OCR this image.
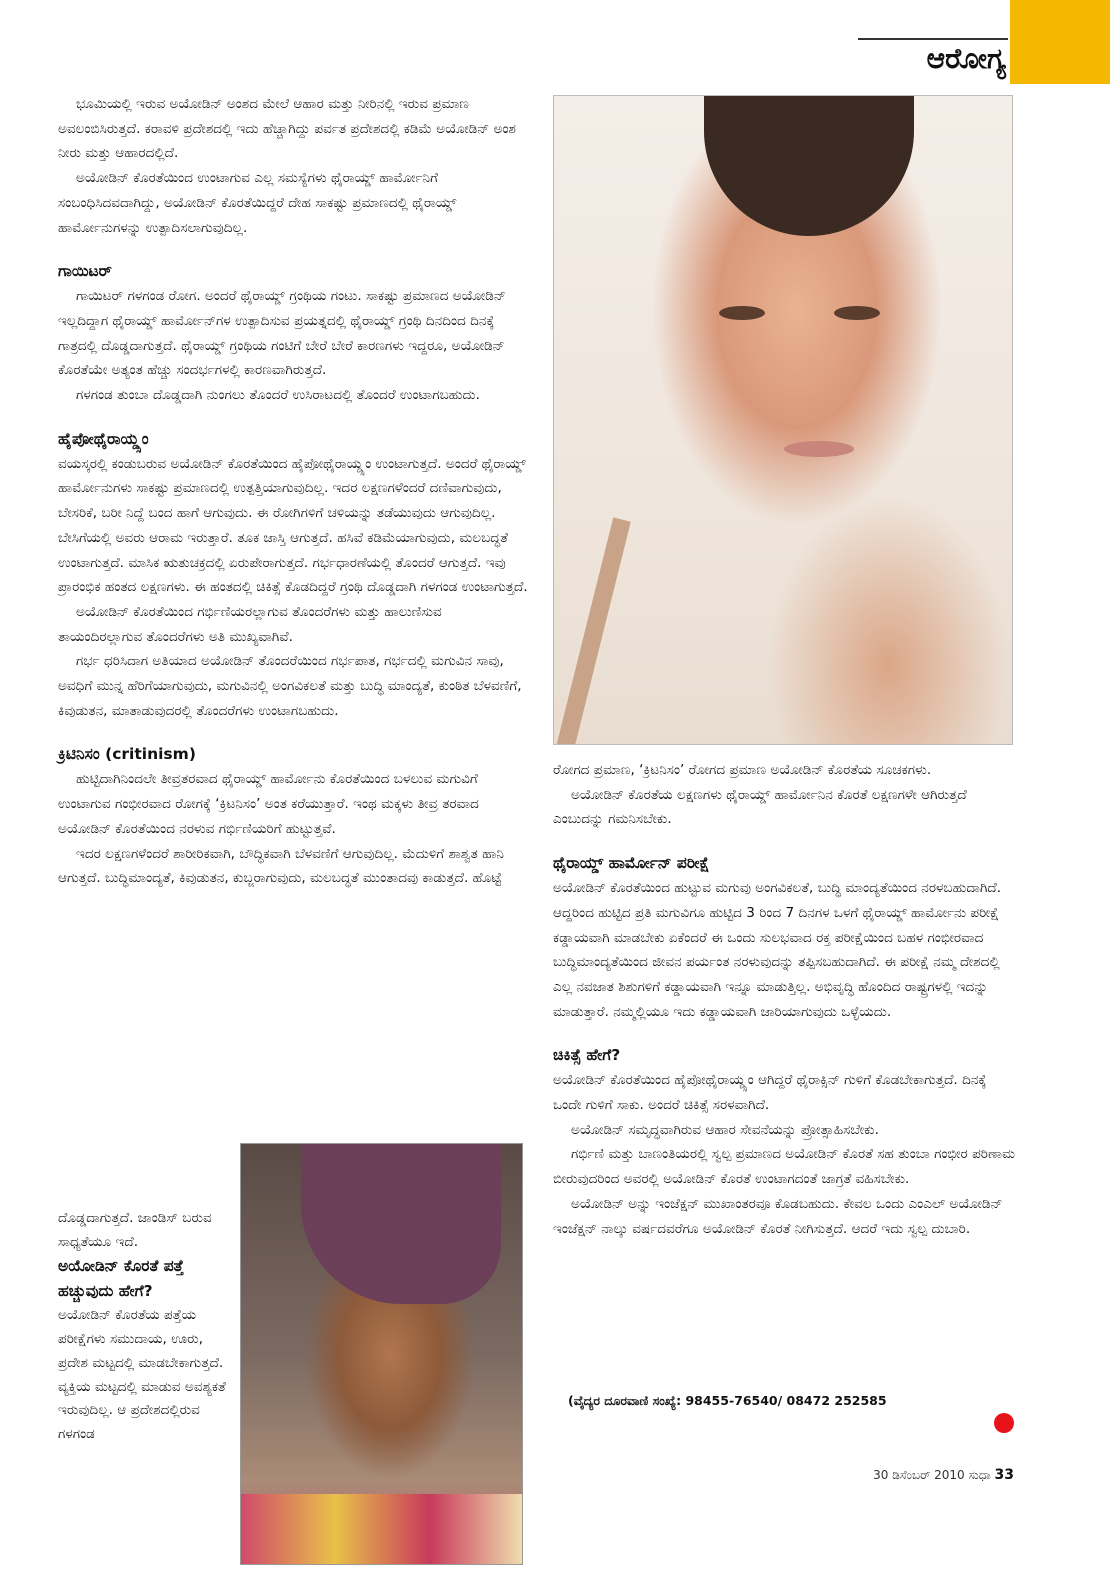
ಆರೋಗ್ಯ

ಭೂಮಿಯಲ್ಲಿ ಇರುವ ಅಯೋಡಿನ್ ಅಂಶದ ಮೇಲೆ ಆಹಾರ ಮತ್ತು ನೀರಿನಲ್ಲಿ ಇರುವ ಪ್ರಮಾಣ ಅವಲಂಬಿಸಿರುತ್ತದೆ. ಕರಾವಳಿ ಪ್ರದೇಶದಲ್ಲಿ ಇದು ಹೆಚ್ಚಾಗಿದ್ದು ಪರ್ವತ ಪ್ರದೇಶದಲ್ಲಿ ಕಡಿಮೆ ಅಯೋಡಿನ್ ಅಂಶ ನೀರು ಮತ್ತು ಆಹಾರದಲ್ಲಿದೆ.

ಅಯೋಡಿನ್ ಕೊರತೆಯಿಂದ ಉಂಟಾಗುವ ಎಲ್ಲ ಸಮಸ್ಯೆಗಳು ಥೈರಾಯ್ಡ್ ಹಾರ್ಮೋನಿಗೆ ಸಂಬಂಧಿಸಿದವದಾಗಿದ್ದು, ಅಯೋಡಿನ್ ಕೊರತೆಯಿದ್ದರೆ ದೇಹ ಸಾಕಷ್ಟು ಪ್ರಮಾಣದಲ್ಲಿ ಥೈರಾಯ್ಡ್ ಹಾರ್ಮೋನುಗಳನ್ನು ಉತ್ಪಾದಿಸಲಾಗುವುದಿಲ್ಲ.

ಗಾಯಿಟರ್

ಗಾಯಿಟರ್ ಗಳಗಂಡ ರೋಗ. ಅಂದರೆ ಥೈರಾಯ್ಡ್ ಗ್ರಂಥಿಯ ಗಂಟು. ಸಾಕಷ್ಟು ಪ್ರಮಾಣದ ಅಯೋಡಿನ್ ಇಲ್ಲದಿದ್ದಾಗ ಥೈರಾಯ್ಡ್ ಹಾರ್ಮೋನ್‌ಗಳ ಉತ್ಪಾದಿಸುವ ಪ್ರಯತ್ನದಲ್ಲಿ ಥೈರಾಯ್ಡ್ ಗ್ರಂಥಿ ದಿನದಿಂದ ದಿನಕ್ಕೆ ಗಾತ್ರದಲ್ಲಿ ದೊಡ್ಡದಾಗುತ್ತದೆ. ಥೈರಾಯ್ಡ್ ಗ್ರಂಥಿಯ ಗಂಟಿಗೆ ಬೇರೆ ಬೇರೆ ಕಾರಣಗಳು ಇದ್ದರೂ, ಅಯೋಡಿನ್ ಕೊರತೆಯೇ ಅತ್ಯಂತ ಹೆಚ್ಚು ಸಂದರ್ಭಗಳಲ್ಲಿ ಕಾರಣವಾಗಿರುತ್ತದೆ.

ಗಳಗಂಡ ತುಂಬಾ ದೊಡ್ಡದಾಗಿ ನುಂಗಲು ತೊಂದರೆ ಉಸಿರಾಟದಲ್ಲಿ ತೊಂದರೆ ಉಂಟಾಗಬಹುದು.

ಹೈಪೋಥೈರಾಯ್ಡ್ಸಂ

ವಯಸ್ಕರಲ್ಲಿ ಕಂಡುಬರುವ ಅಯೋಡಿನ್ ಕೊರತೆಯಿಂದ ಹೈಪೋಥೈರಾಯ್ಡ್ಸಂ ಉಂಟಾಗುತ್ತದೆ. ಅಂದರೆ ಥೈರಾಯ್ಡ್ ಹಾರ್ಮೋನುಗಳು ಸಾಕಷ್ಟು ಪ್ರಮಾಣದಲ್ಲಿ ಉತ್ಪತ್ತಿಯಾಗುವುದಿಲ್ಲ. ಇದರ ಲಕ್ಷಣಗಳೆಂದರೆ ದಣಿವಾಗುವುದು, ಬೇಸರಿಕೆ, ಬರೀ ನಿದ್ದೆ ಬಂದ ಹಾಗೆ ಆಗುವುದು. ಈ ರೋಗಿಗಳಿಗೆ ಚಳಿಯನ್ನು ತಡೆಯುವುದು ಆಗುವುದಿಲ್ಲ. ಬೇಸಿಗೆಯಲ್ಲಿ ಅವರು ಆರಾಮ ಇರುತ್ತಾರೆ. ತೂಕ ಜಾಸ್ತಿ ಆಗುತ್ತದೆ. ಹಸಿವೆ ಕಡಿಮೆಯಾಗುವುದು, ಮಲಬದ್ಧತೆ ಉಂಟಾಗುತ್ತದೆ. ಮಾಸಿಕ ಋತುಚಕ್ರದಲ್ಲಿ ಏರುಪೇರಾಗುತ್ತದೆ. ಗರ್ಭಧಾರಣೆಯಲ್ಲಿ ತೊಂದರೆ ಆಗುತ್ತದೆ. ಇವು ಪ್ರಾರಂಭಿಕ ಹಂತದ ಲಕ್ಷಣಗಳು. ಈ ಹಂತದಲ್ಲಿ ಚಿಕಿತ್ಸೆ ಕೊಡದಿದ್ದರೆ ಗ್ರಂಥಿ ದೊಡ್ಡದಾಗಿ ಗಳಗಂಡ ಉಂಟಾಗುತ್ತದೆ.

ಅಯೋಡಿನ್ ಕೊರತೆಯಿಂದ ಗರ್ಭಿಣಿಯರಲ್ಲಾಗುವ ತೊಂದರೆಗಳು ಮತ್ತು ಹಾಲುಣಿಸುವ ತಾಯಂದಿರಲ್ಲಾಗುವ ತೊಂದರೆಗಳು ಅತಿ ಮುಖ್ಯವಾಗಿವೆ.

ಗರ್ಭ ಧರಿಸಿದಾಗ ಅತಿಯಾದ ಅಯೋಡಿನ್ ತೊಂದರೆಯಿಂದ ಗರ್ಭಪಾತ, ಗರ್ಭದಲ್ಲಿ ಮಗುವಿನ ಸಾವು, ಅವಧಿಗೆ ಮುನ್ನ ಹೆರಿಗೆಯಾಗುವುದು, ಮಗುವಿನಲ್ಲಿ ಅಂಗವಿಕಲತೆ ಮತ್ತು ಬುದ್ಧಿ ಮಾಂದ್ಯತೆ, ಕುಂಠಿತ ಬೆಳವಣಿಗೆ, ಕಿವುಡುತನ, ಮಾತಾಡುವುದರಲ್ಲಿ ತೊಂದರೆಗಳು ಉಂಟಾಗಬಹುದು.

ಕ್ರಿಟಿನಿಸಂ (critinism)

ಹುಟ್ಟಿದಾಗಿನಿಂದಲೇ ತೀವ್ರತರವಾದ ಥೈರಾಯ್ಡ್ ಹಾರ್ಮೋನು ಕೊರತೆಯಿಂದ ಬಳಲುವ ಮಗುವಿಗೆ ಉಂಟಾಗುವ ಗಂಭೀರವಾದ ರೋಗಕ್ಕೆ ‘ಕ್ರಿಟನಿಸಂ’ ಅಂತ ಕರೆಯುತ್ತಾರೆ. ಇಂಥ ಮಕ್ಕಳು ತೀವ್ರ ತರವಾದ ಅಯೋಡಿನ್ ಕೊರತೆಯಿಂದ ನರಳುವ ಗರ್ಭಿಣಿಯರಿಗೆ ಹುಟ್ಟುತ್ತವೆ.

ಇದರ ಲಕ್ಷಣಗಳೆಂದರೆ ಶಾರೀರಿಕವಾಗಿ, ಬೌದ್ಧಿಕವಾಗಿ ಬೆಳವಣಿಗೆ ಆಗುವುದಿಲ್ಲ. ಮೆದುಳಿಗೆ ಶಾಶ್ವತ ಹಾನಿ ಆಗುತ್ತದೆ. ಬುದ್ಧಿಮಾಂದ್ಯತೆ, ಕಿವುಡುತನ, ಕುಬ್ಜರಾಗುವುದು, ಮಲಬದ್ಧತೆ ಮುಂತಾದವು ಕಾಡುತ್ತದೆ. ಹೊಟ್ಟೆ

ರೋಗದ ಪ್ರಮಾಣ, ‘ಕ್ರಿಟನಿಸಂ’ ರೋಗದ ಪ್ರಮಾಣ ಅಯೋಡಿನ್ ಕೊರತೆಯ ಸೂಚಕಗಳು.

ಅಯೋಡಿನ್ ಕೊರತೆಯ ಲಕ್ಷಣಗಳು ಥೈರಾಯ್ಡ್ ಹಾರ್ಮೋನಿನ ಕೊರತೆ ಲಕ್ಷಣಗಳೇ ಆಗಿರುತ್ತದೆ ಎಂಬುದನ್ನು ಗಮನಿಸಬೇಕು.

ಥೈರಾಯ್ಡ್ ಹಾರ್ಮೋನ್ ಪರೀಕ್ಷೆ

ಅಯೋಡಿನ್ ಕೊರತೆಯಿಂದ ಹುಟ್ಟುವ ಮಗುವು ಅಂಗವಿಕಲತೆ, ಬುದ್ಧಿ ಮಾಂದ್ಯತೆಯಿಂದ ನರಳಬಹುದಾಗಿದೆ. ಆದ್ದರಿಂದ ಹುಟ್ಟಿದ ಪ್ರತಿ ಮಗುವಿಗೂ ಹುಟ್ಟಿದ 3 ರಿಂದ 7 ದಿನಗಳ ಒಳಗೆ ಥೈರಾಯ್ಡ್ ಹಾರ್ಮೋನು ಪರೀಕ್ಷೆ ಕಡ್ಡಾಯವಾಗಿ ಮಾಡಬೇಕು ಏಕೆಂದರೆ ಈ ಒಂದು ಸುಲಭವಾದ ರಕ್ತ ಪರೀಕ್ಷೆಯಿಂದ ಬಹಳ ಗಂಭೀರವಾದ ಬುದ್ಧಿಮಾಂದ್ಯತೆಯಿಂದ ಜೀವನ ಪರ್ಯಂತ ನರಳುವುದನ್ನು ತಪ್ಪಿಸಬಹುದಾಗಿದೆ. ಈ ಪರೀಕ್ಷೆ ನಮ್ಮ ದೇಶದಲ್ಲಿ ಎಲ್ಲ ನವಜಾತ ಶಿಶುಗಳಿಗೆ ಕಡ್ಡಾಯವಾಗಿ ಇನ್ನೂ ಮಾಡುತ್ತಿಲ್ಲ. ಅಭಿವೃದ್ಧಿ ಹೊಂದಿದ ರಾಷ್ಟ್ರಗಳಲ್ಲಿ ಇದನ್ನು ಮಾಡುತ್ತಾರೆ. ನಮ್ಮಲ್ಲಿಯೂ ಇದು ಕಡ್ಡಾಯವಾಗಿ ಜಾರಿಯಾಗುವುದು ಒಳ್ಳೆಯದು.

ಚಿಕಿತ್ಸೆ ಹೇಗೆ?

ಅಯೋಡಿನ್ ಕೊರತೆಯಿಂದ ಹೈಪೋಥೈರಾಯ್ಡ್ಸಂ ಆಗಿದ್ದರೆ ಥೈರಾಕ್ಸಿನ್ ಗುಳಿಗೆ ಕೊಡಬೇಕಾಗುತ್ತದೆ. ದಿನಕ್ಕೆ ಒಂದೇ ಗುಳಿಗೆ ಸಾಕು. ಅಂದರೆ ಚಿಕಿತ್ಸೆ ಸರಳವಾಗಿದೆ.

ಅಯೋಡಿನ್ ಸಮೃದ್ಧವಾಗಿರುವ ಆಹಾರ ಸೇವನೆಯನ್ನು ಪ್ರೋತ್ಸಾಹಿಸಬೇಕು.

ಗರ್ಭಿಣಿ ಮತ್ತು ಬಾಣಂತಿಯರಲ್ಲಿ ಸ್ವಲ್ಪ ಪ್ರಮಾಣದ ಅಯೋಡಿನ್ ಕೊರತೆ ಸಹ ತುಂಬಾ ಗಂಭೀರ ಪರಿಣಾಮ ಬೀರುವುದರಿಂದ ಅವರಲ್ಲಿ ಅಯೋಡಿನ್ ಕೊರತೆ ಉಂಟಾಗದಂತೆ ಜಾಗ್ರತೆ ವಹಿಸಬೇಕು.

ಅಯೋಡಿನ್ ಅನ್ನು ಇಂಜೆಕ್ಷನ್ ಮುಖಾಂತರವೂ ಕೊಡಬಹುದು. ಕೇವಲ ಒಂದು ಎಂಎಲ್ ಅಯೋಡಿನ್ ಇಂಜೆಕ್ಷನ್ ನಾಲ್ಕು ವರ್ಷದವರೆಗೂ ಅಯೋಡಿನ್ ಕೊರತೆ ನೀಗಿಸುತ್ತದೆ. ಆದರೆ ಇದು ಸ್ವಲ್ಪ ದುಬಾರಿ.

ದೊಡ್ಡದಾಗುತ್ತದೆ. ಜಾಂಡಿಸ್ ಬರುವ ಸಾಧ್ಯತೆಯೂ ಇದೆ.

ಅಯೋಡಿನ್ ಕೊರತೆ ಪತ್ತೆ ಹಚ್ಚುವುದು ಹೇಗೆ?

ಅಯೋಡಿನ್ ಕೊರತೆಯ ಪತ್ತೆಯ ಪರೀಕ್ಷೆಗಳು ಸಮುದಾಯ, ಊರು, ಪ್ರದೇಶ ಮಟ್ಟದಲ್ಲಿ ಮಾಡಬೇಕಾಗುತ್ತದೆ. ವ್ಯಕ್ತಿಯ ಮಟ್ಟದಲ್ಲಿ ಮಾಡುವ ಅವಶ್ಯಕತೆ ಇರುವುದಿಲ್ಲ. ಆ ಪ್ರದೇಶದಲ್ಲಿರುವ ಗಳಗಂಡ

(ವೈದ್ಯರ ದೂರವಾಣಿ ಸಂಖ್ಯೆ: 98455-76540/ 08472 252585
30 ಡಿಸೆಂಬರ್ 2010 ಸುಧಾ 33
